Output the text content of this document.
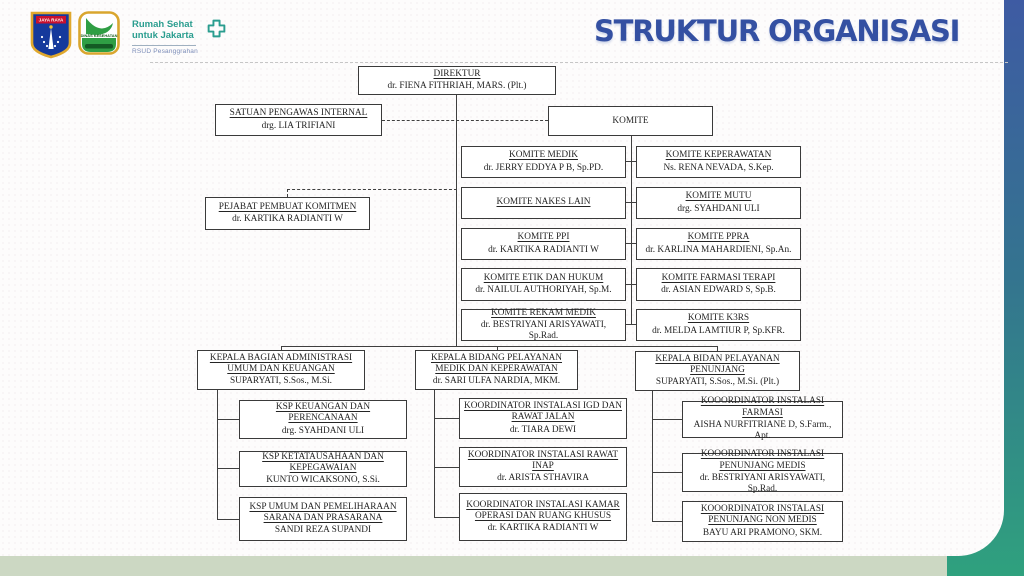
JAYA RAYA
DINAS KESEHATAN
Rumah Sehat
untuk Jakarta
RSUD Pesanggrahan
STRUKTUR ORGANISASI
DIREKTUR
dr. FIENA FITHRIAH, MARS. (Plt.)
SATUAN PENGAWAS INTERNAL
drg. LIA TRIFIANI	KOMITE
PEJABAT PEMBUAT KOMITMEN
dr. KARTIKA RADIANTI W
KOMITE MEDIK
dr. JERRY EDDYA P B, Sp.PD.
KOMITE KEPERAWATAN
Ns. RENA NEVADA, S.Kep.
KOMITE NAKES LAIN
KOMITE MUTU
drg. SYAHDANI ULI
KOMITE PPI
dr. KARTIKA RADIANTI W
KOMITE PPRA
dr. KARLINA MAHARDIENI, Sp.An.
KOMITE ETIK DAN HUKUM
dr. NAILUL AUTHORIYAH, Sp.M.
KOMITE FARMASI TERAPI
dr. ASIAN EDWARD S, Sp.B.
KOMITE REKAM MEDIK
dr. BESTRIYANI ARISYAWATI, Sp.Rad.
KOMITE K3RS
dr. MELDA LAMTIUR P, Sp.KFR.
KEPALA BAGIAN ADMINISTRASI UMUM DAN KEUANGAN
SUPARYATI, S.Sos., M.Si.
KEPALA BIDANG PELAYANAN MEDIK DAN KEPERAWATAN
dr. SARI ULFA NARDIA, MKM.
KEPALA BIDAN PELAYANAN PENUNJANG
SUPARYATI, S.Sos., M.Si. (Plt.)
KSP KEUANGAN DAN PERENCANAAN
drg. SYAHDANI ULI
KSP KETATAUSAHAAN DAN KEPEGAWAIAN
KUNTO WICAKSONO, S.Si.
KSP UMUM DAN PEMELIHARAAN SARANA DAN PRASARANA
SANDI REZA SUPANDI
KOORDINATOR INSTALASI IGD DAN RAWAT JALAN
dr. TIARA DEWI
KOORDINATOR INSTALASI RAWAT INAP
dr. ARISTA STHAVIRA
KOORDINATOR INSTALASI KAMAR OPERASI DAN RUANG KHUSUS
dr. KARTIKA RADIANTI W
KOOORDINATOR INSTALASI FARMASI
AISHA NURFITRIANE D, S.Farm., Apt.
KOOORDINATOR INSTALASI PENUNJANG MEDIS
dr. BESTRIYANI ARISYAWATI, Sp.Rad.
KOOORDINATOR INSTALASI PENUNJANG NON MEDIS
BAYU ARI PRAMONO, SKM.
